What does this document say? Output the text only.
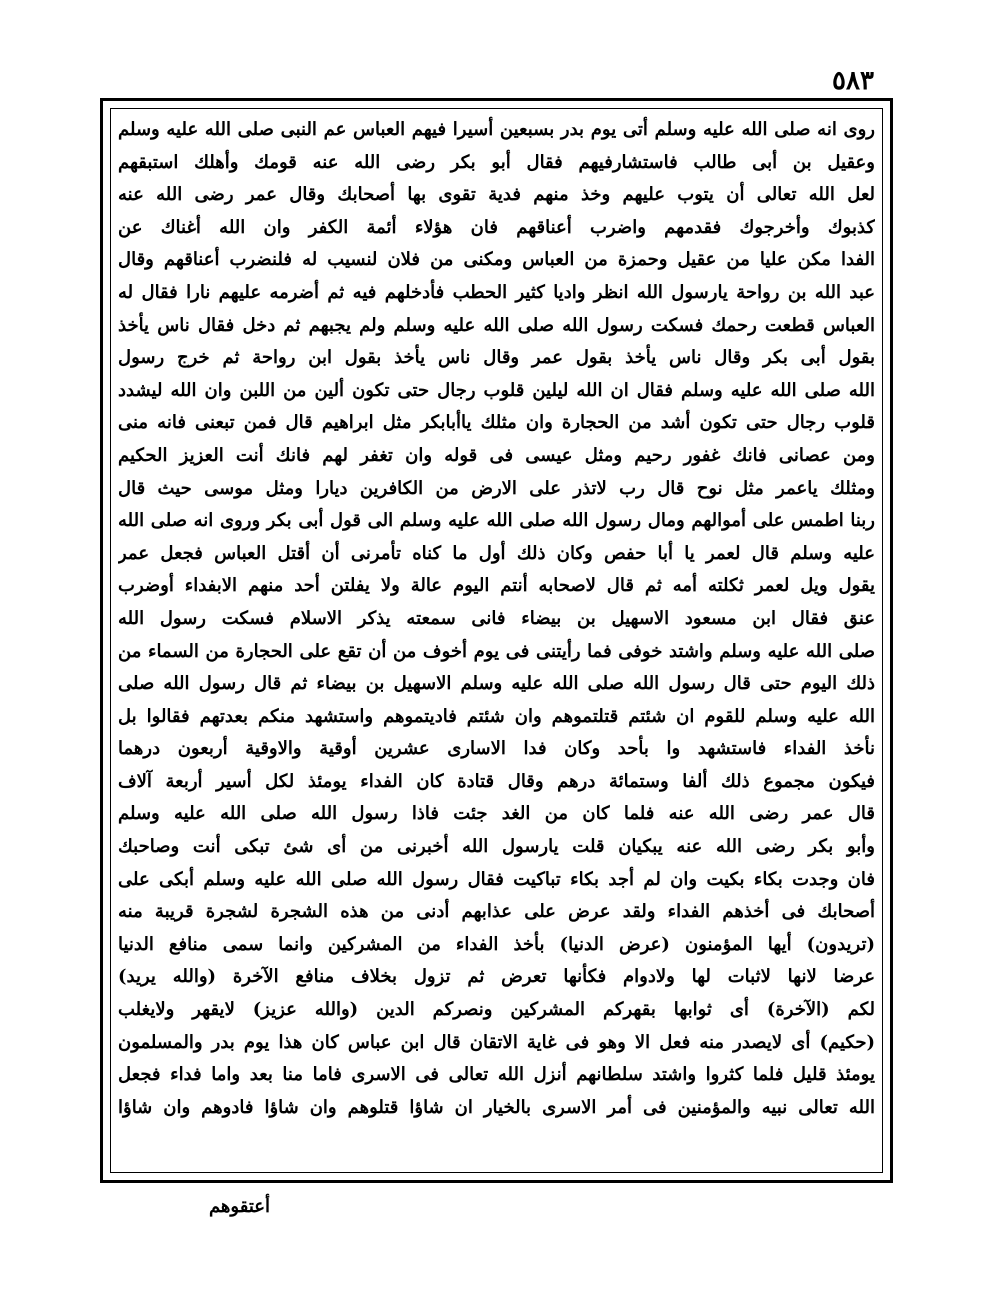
٥٨٣
روى انه صلى الله عليه وسلم أتى يوم بدر بسبعين أسيرا فيهم العباس عم النبى صلى الله عليه وسلم
وعقيل بن أبى طالب فاستشارفيهم فقال أبو بكر رضى الله عنه قومك وأهلك استبقهم
لعل الله تعالى أن يتوب عليهم وخذ منهم فدية تقوى بها أصحابك وقال عمر رضى الله عنه
كذبوك وأخرجوك فقدمهم واضرب أعناقهم فان هؤلاء أئمة الكفر وان الله أغناك عن
الفدا مكن عليا من عقيل وحمزة من العباس ومكنى من فلان لنسيب له فلنضرب أعناقهم وقال
عبد الله بن رواحة يارسول الله انظر واديا كثير الحطب فأدخلهم فيه ثم أضرمه عليهم نارا فقال له
العباس قطعت رحمك فسكت رسول الله صلى الله عليه وسلم ولم يجبهم ثم دخل فقال ناس يأخذ
بقول أبى بكر وقال ناس يأخذ بقول عمر وقال ناس يأخذ بقول ابن رواحة ثم خرج رسول
الله صلى الله عليه وسلم فقال ان الله ليلين قلوب رجال حتى تكون ألين من اللبن وان الله ليشدد
قلوب رجال حتى تكون أشد من الحجارة وان مثلك ياأبابكر مثل ابراهيم قال فمن تبعنى فانه منى
ومن عصانى فانك غفور رحيم ومثل عيسى فى قوله وان تغفر لهم فانك أنت العزيز الحكيم
ومثلك ياعمر مثل نوح قال رب لاتذر على الارض من الكافرين ديارا ومثل موسى حيث قال
ربنا اطمس على أموالهم ومال رسول الله صلى الله عليه وسلم الى قول أبى بكر وروى انه صلى الله
عليه وسلم قال لعمر يا أبا حفص وكان ذلك أول ما كناه تأمرنى أن أقتل العباس فجعل عمر
يقول ويل لعمر ثكلته أمه ثم قال لاصحابه أنتم اليوم عالة ولا يفلتن أحد منهم الابفداء أوضرب
عنق فقال ابن مسعود الاسهيل بن بيضاء فانى سمعته يذكر الاسلام فسكت رسول الله
صلى الله عليه وسلم واشتد خوفى فما رأيتنى فى يوم أخوف من أن تقع على الحجارة من السماء من
ذلك اليوم حتى قال رسول الله صلى الله عليه وسلم الاسهيل بن بيضاء ثم قال رسول الله صلى
الله عليه وسلم للقوم ان شئتم قتلتموهم وان شئتم فاديتموهم واستشهد منكم بعدتهم فقالوا بل
نأخذ الفداء فاستشهد وا بأحد وكان فدا الاسارى عشرين أوقية والاوقية أربعون درهما
فيكون مجموع ذلك ألفا وستمائة درهم وقال قتادة كان الفداء يومئذ لكل أسير أربعة آلاف
قال عمر رضى الله عنه فلما كان من الغد جئت فاذا رسول الله صلى الله عليه وسلم
وأبو بكر رضى الله عنه يبكيان قلت يارسول الله أخبرنى من أى شئ تبكى أنت وصاحبك
فان وجدت بكاء بكيت وان لم أجد بكاء تباكيت فقال رسول الله صلى الله عليه وسلم أبكى على
أصحابك فى أخذهم الفداء ولقد عرض على عذابهم أدنى من هذه الشجرة لشجرة قريبة منه
(تريدون) أيها المؤمنون (عرض الدنيا) بأخذ الفداء من المشركين وانما سمى منافع الدنيا
عرضا لانها لاثبات لها ولادوام فكأنها تعرض ثم تزول بخلاف منافع الآخرة (والله يريد)
لكم (الآخرة) أى ثوابها بقهركم المشركين ونصركم الدين (والله عزيز) لايقهر ولايغلب
(حكيم) أى لايصدر منه فعل الا وهو فى غاية الاتقان قال ابن عباس كان هذا يوم بدر والمسلمون
يومئذ قليل فلما كثروا واشتد سلطانهم أنزل الله تعالى فى الاسرى فاما منا بعد واما فداء فجعل
الله تعالى نبيه والمؤمنين فى أمر الاسرى بالخيار ان شاؤا قتلوهم وان شاؤا فادوهم وان شاؤا
أعتقوهم
